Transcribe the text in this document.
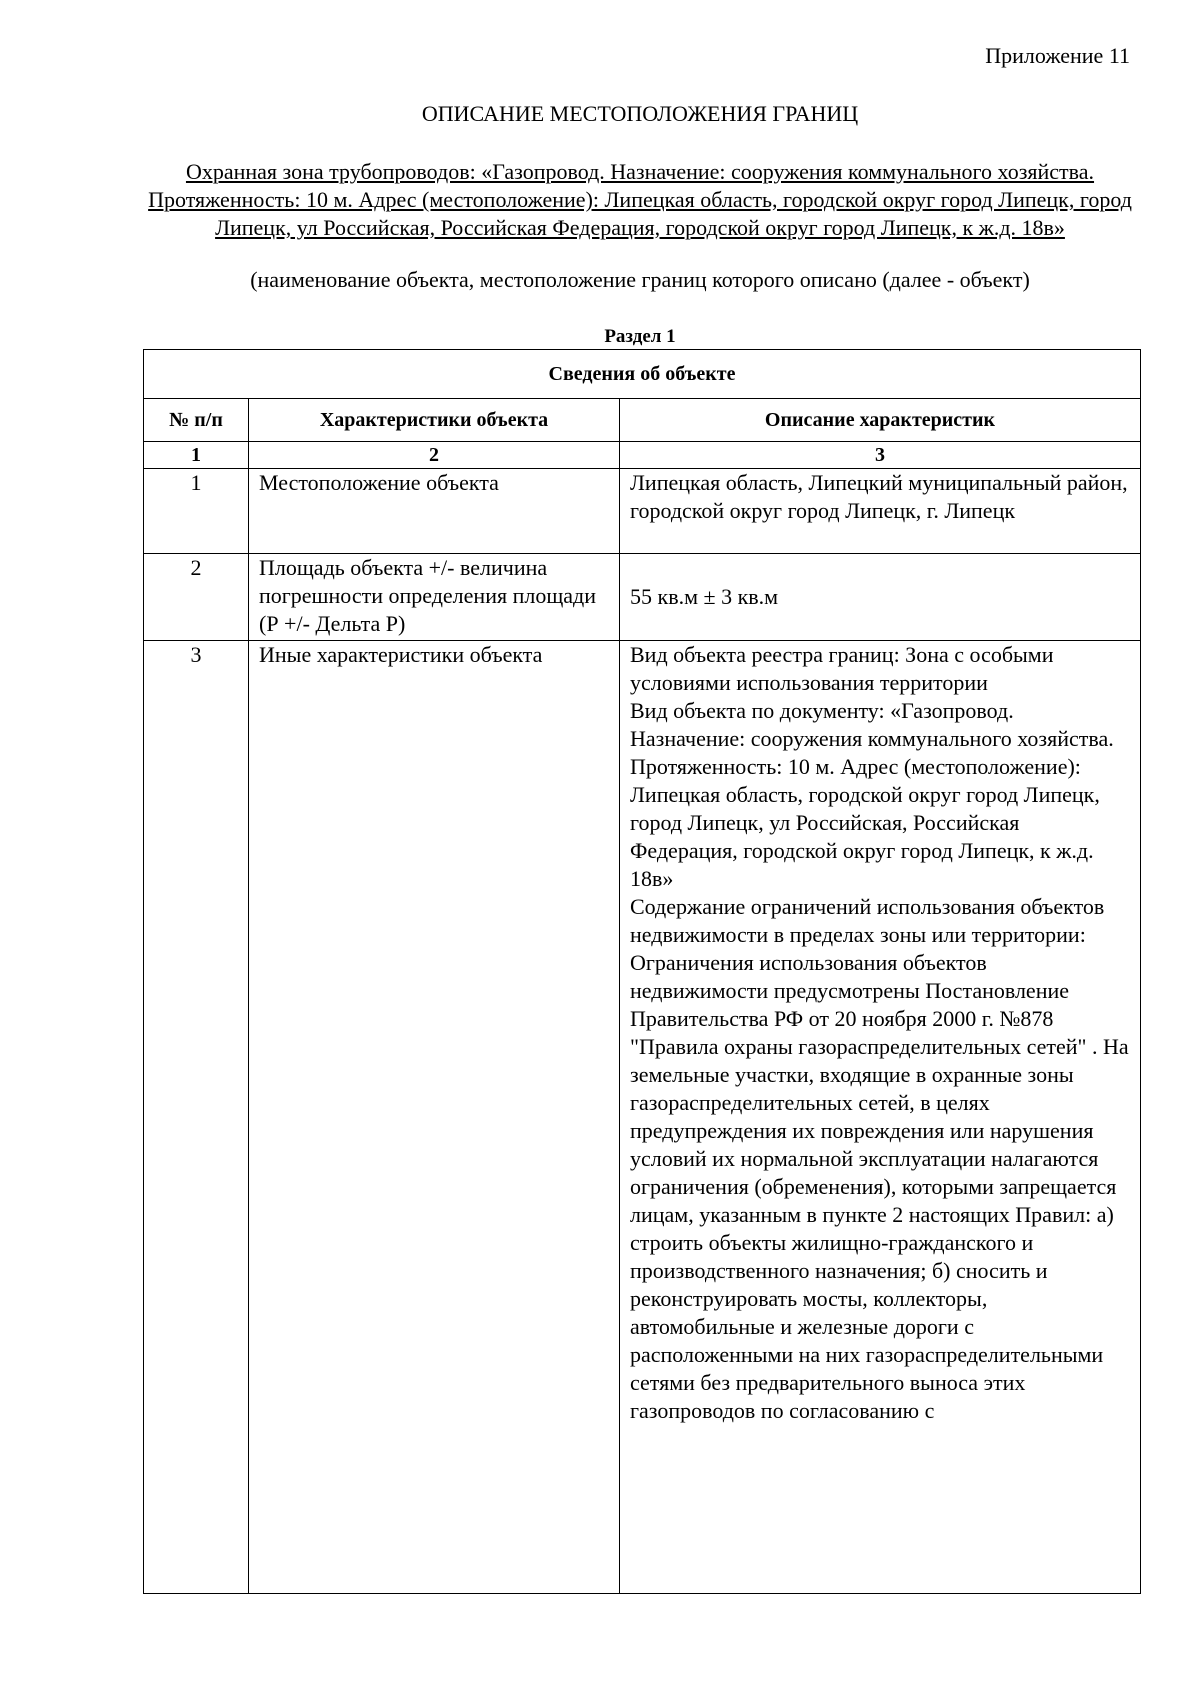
Приложение 11
ОПИСАНИЕ МЕСТОПОЛОЖЕНИЯ ГРАНИЦ
Охранная зона трубопроводов: «Газопровод. Назначение: сооружения коммунального хозяйства. Протяженность: 10 м. Адрес (местоположение): Липецкая область, городской округ город Липецк, город Липецк, ул Российская, Российская Федерация, городской округ город Липецк, к ж.д. 18в»
(наименование объекта, местоположение границ которого описано (далее - объект)
Раздел 1
Сведения об объекте		
№ п/п	Характеристики объекта	Описание характеристик
1	2	3
1	Местоположение объекта	Липецкая область, Липецкий муниципальный район, городской округ город Липецк, г. Липецк
2	Площадь объекта +/- величина погрешности определения площади (Р +/- Дельта Р)	55 кв.м ± 3 кв.м
3	Иные характеристики объекта	Вид объекта реестра границ: Зона с особыми условиями использования территории
Вид объекта по документу: «Газопровод. Назначение: сооружения коммунального хозяйства. Протяженность: 10 м. Адрес (местоположение): Липецкая область, городской округ город Липецк, город Липецк, ул Российская, Российская Федерация, городской округ город Липецк, к ж.д. 18в»
Содержание ограничений использования объектов недвижимости в пределах зоны или территории: Ограничения использования объектов недвижимости предусмотрены Постановление Правительства РФ от 20 ноября 2000 г. №878 "Правила охраны газораспределительных сетей" . На земельные участки, входящие в охранные зоны газораспределительных сетей, в целях предупреждения их повреждения или нарушения условий их нормальной эксплуатации налагаются ограничения (обременения), которыми запрещается лицам, указанным в пункте 2 настоящих Правил: а) строить объекты жилищно-гражданского и производственного назначения; б) сносить и реконструировать мосты, коллекторы, автомобильные и железные дороги с расположенными на них газораспределительными сетями без предварительного выноса этих газопроводов по согласованию с
